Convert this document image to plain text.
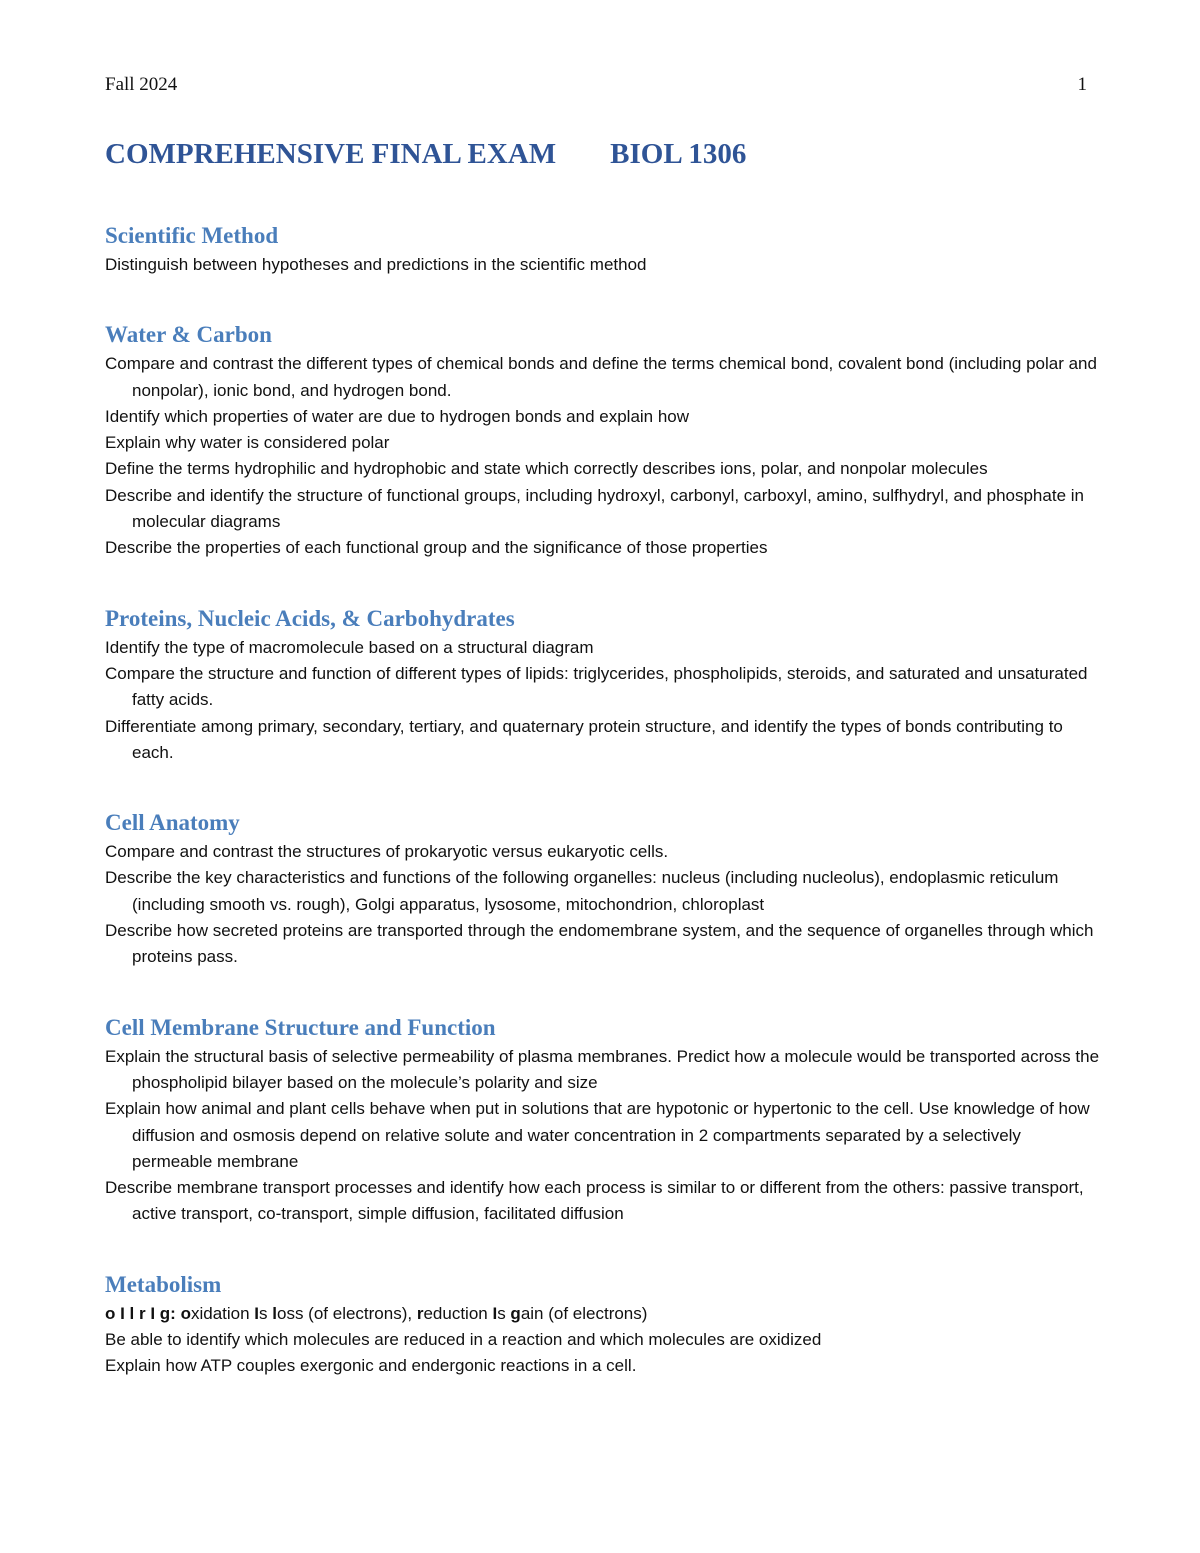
Fall 2024	1
COMPREHENSIVE FINAL EXAM BIOL 1306
Scientific Method

Distinguish between hypotheses and predictions in the scientific method

Water & Carbon

Compare and contrast the different types of chemical bonds and define the terms chemical bond, covalent bond (including polar and nonpolar), ionic bond, and hydrogen bond.

Identify which properties of water are due to hydrogen bonds and explain how

Explain why water is considered polar

Define the terms hydrophilic and hydrophobic and state which correctly describes ions, polar, and nonpolar molecules

Describe and identify the structure of functional groups, including hydroxyl, carbonyl, carboxyl, amino, sulfhydryl, and phosphate in molecular diagrams

Describe the properties of each functional group and the significance of those properties

Proteins, Nucleic Acids, & Carbohydrates

Identify the type of macromolecule based on a structural diagram

Compare the structure and function of different types of lipids: triglycerides, phospholipids, steroids, and saturated and unsaturated fatty acids.

Differentiate among primary, secondary, tertiary, and quaternary protein structure, and identify the types of bonds contributing to each.

Cell Anatomy

Compare and contrast the structures of prokaryotic versus eukaryotic cells.

Describe the key characteristics and functions of the following organelles: nucleus (including nucleolus), endoplasmic reticulum (including smooth vs. rough), Golgi apparatus, lysosome, mitochondrion, chloroplast

Describe how secreted proteins are transported through the endomembrane system, and the sequence of organelles through which proteins pass.

Cell Membrane Structure and Function

Explain the structural basis of selective permeability of plasma membranes. Predict how a molecule would be transported across the phospholipid bilayer based on the molecule’s polarity and size

Explain how animal and plant cells behave when put in solutions that are hypotonic or hypertonic to the cell. Use knowledge of how diffusion and osmosis depend on relative solute and water concentration in 2 compartments separated by a selectively permeable membrane

Describe membrane transport processes and identify how each process is similar to or different from the others: passive transport, active transport, co-transport, simple diffusion, facilitated diffusion

Metabolism

o I l r I g: oxidation Is loss (of electrons), reduction Is gain (of electrons)

Be able to identify which molecules are reduced in a reaction and which molecules are oxidized

Explain how ATP couples exergonic and endergonic reactions in a cell.
